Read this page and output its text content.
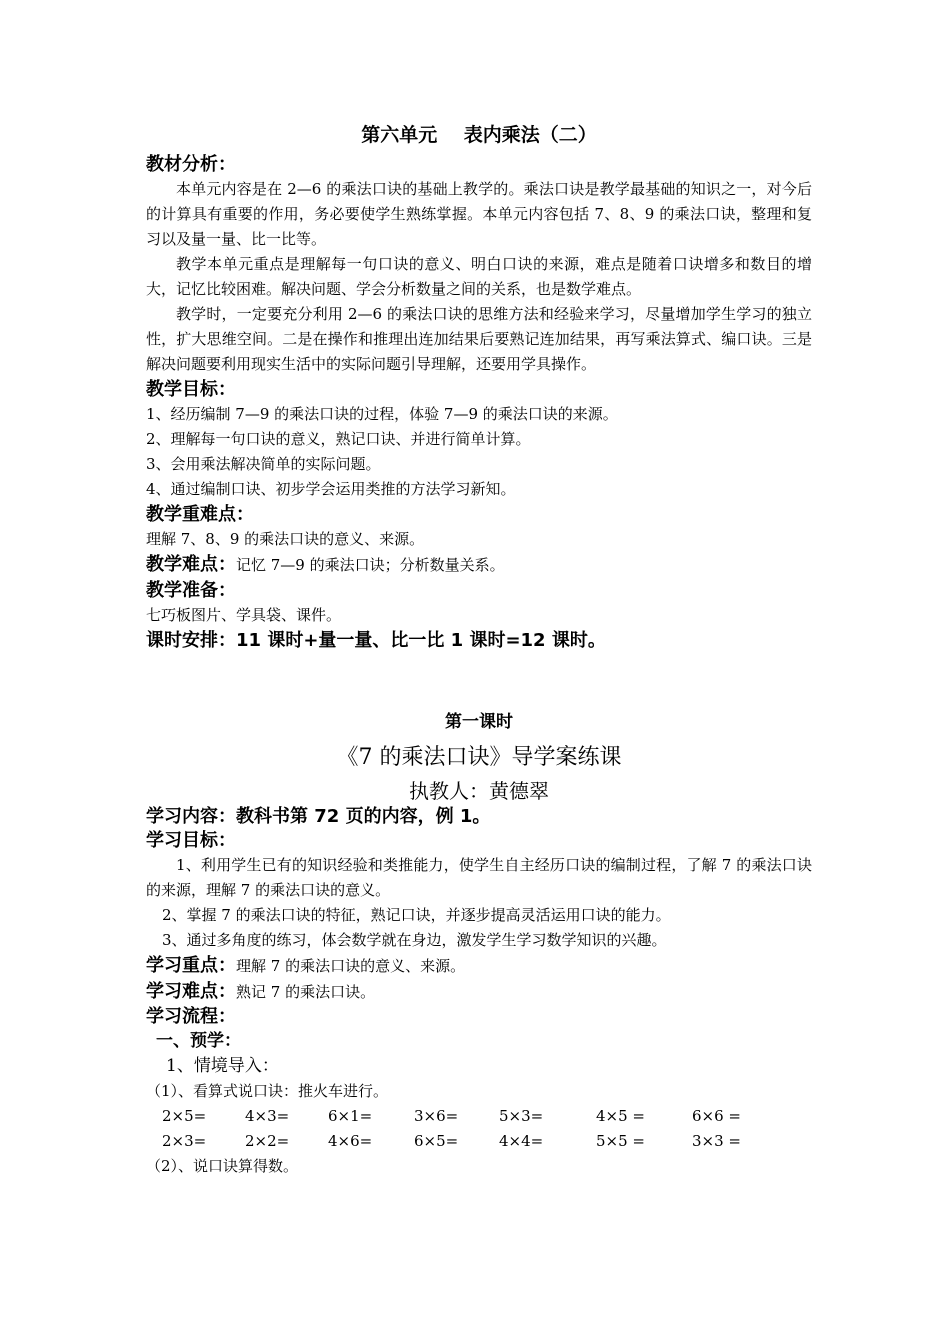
第六单元    表内乘法（二）
教材分析：
本单元内容是在 2—6 的乘法口诀的基础上教学的。乘法口诀是教学最基础的知识之一，对今后的计算具有重要的作用，务必要使学生熟练掌握。本单元内容包括 7、8、9 的乘法口诀，整理和复习以及量一量、比一比等。
教学本单元重点是理解每一句口诀的意义、明白口诀的来源，难点是随着口诀增多和数目的增大，记忆比较困难。解决问题、学会分析数量之间的关系，也是数学难点。
教学时，一定要充分利用 2—6 的乘法口诀的思维方法和经验来学习，尽量增加学生学习的独立性，扩大思维空间。二是在操作和推理出连加结果后要熟记连加结果，再写乘法算式、编口诀。三是解决问题要利用现实生活中的实际问题引导理解，还要用学具操作。
教学目标：
1、经历编制 7—9 的乘法口诀的过程，体验 7—9 的乘法口诀的来源。
2、理解每一句口诀的意义，熟记口诀、并进行简单计算。
3、会用乘法解决简单的实际问题。
4、通过编制口诀、初步学会运用类推的方法学习新知。
教学重难点：
理解 7、8、9 的乘法口诀的意义、来源。
教学难点：记忆 7—9 的乘法口诀；分析数量关系。
教学准备：
七巧板图片、学具袋、课件。
课时安排：11 课时+量一量、比一比 1 课时=12 课时。
第一课时
《7 的乘法口诀》导学案练课
执教人：黄德翠
学习内容：教科书第 72 页的内容，例 1。
学习目标：
1、利用学生已有的知识经验和类推能力，使学生自主经历口诀的编制过程，了解 7 的乘法口诀的来源，理解 7 的乘法口诀的意义。
2、掌握 7 的乘法口诀的特征，熟记口诀，并逐步提高灵活运用口诀的能力。
3、通过多角度的练习，体会数学就在身边，激发学生学习数学知识的兴趣。
学习重点：理解 7 的乘法口诀的意义、来源。
学习难点：熟记 7 的乘法口诀。
学习流程：
一、预学：
1、情境导入：
（1）、看算式说口诀：推火车进行。
2×5=	4×3=	6×1=	3×6=	5×3=	4×5 =	6×6 =
2×3=	2×2=	4×6=	6×5=	4×4=	5×5 =	3×3 =
（2）、说口诀算得数。
